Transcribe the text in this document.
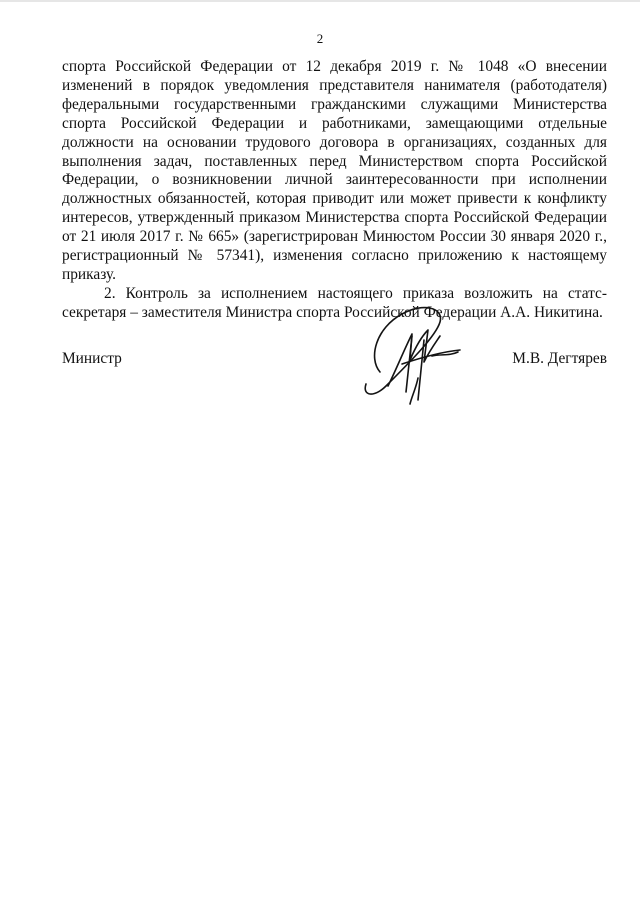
2

спорта Российской Федерации от 12 декабря 2019 г. № 1048 «О внесении изменений в порядок уведомления представителя нанимателя (работодателя) федеральными государственными гражданскими служащими Министерства спорта Российской Федерации и работниками, замещающими отдельные должности на основании трудового договора в организациях, созданных для выполнения задач, поставленных перед Министерством спорта Российской Федерации, о возникновении личной заинтересованности при исполнении должностных обязанностей, которая приводит или может привести к конфликту интересов, утвержденный приказом Министерства спорта Российской Федерации от 21 июля 2017 г. № 665» (зарегистрирован Минюстом России 30 января 2020 г., регистрационный № 57341), изменения согласно приложению к настоящему приказу.

2. Контроль за исполнением настоящего приказа возложить на статс-секретаря – заместителя Министра спорта Российской Федерации А.А. Никитина.

Министр	М.В. Дегтярев
